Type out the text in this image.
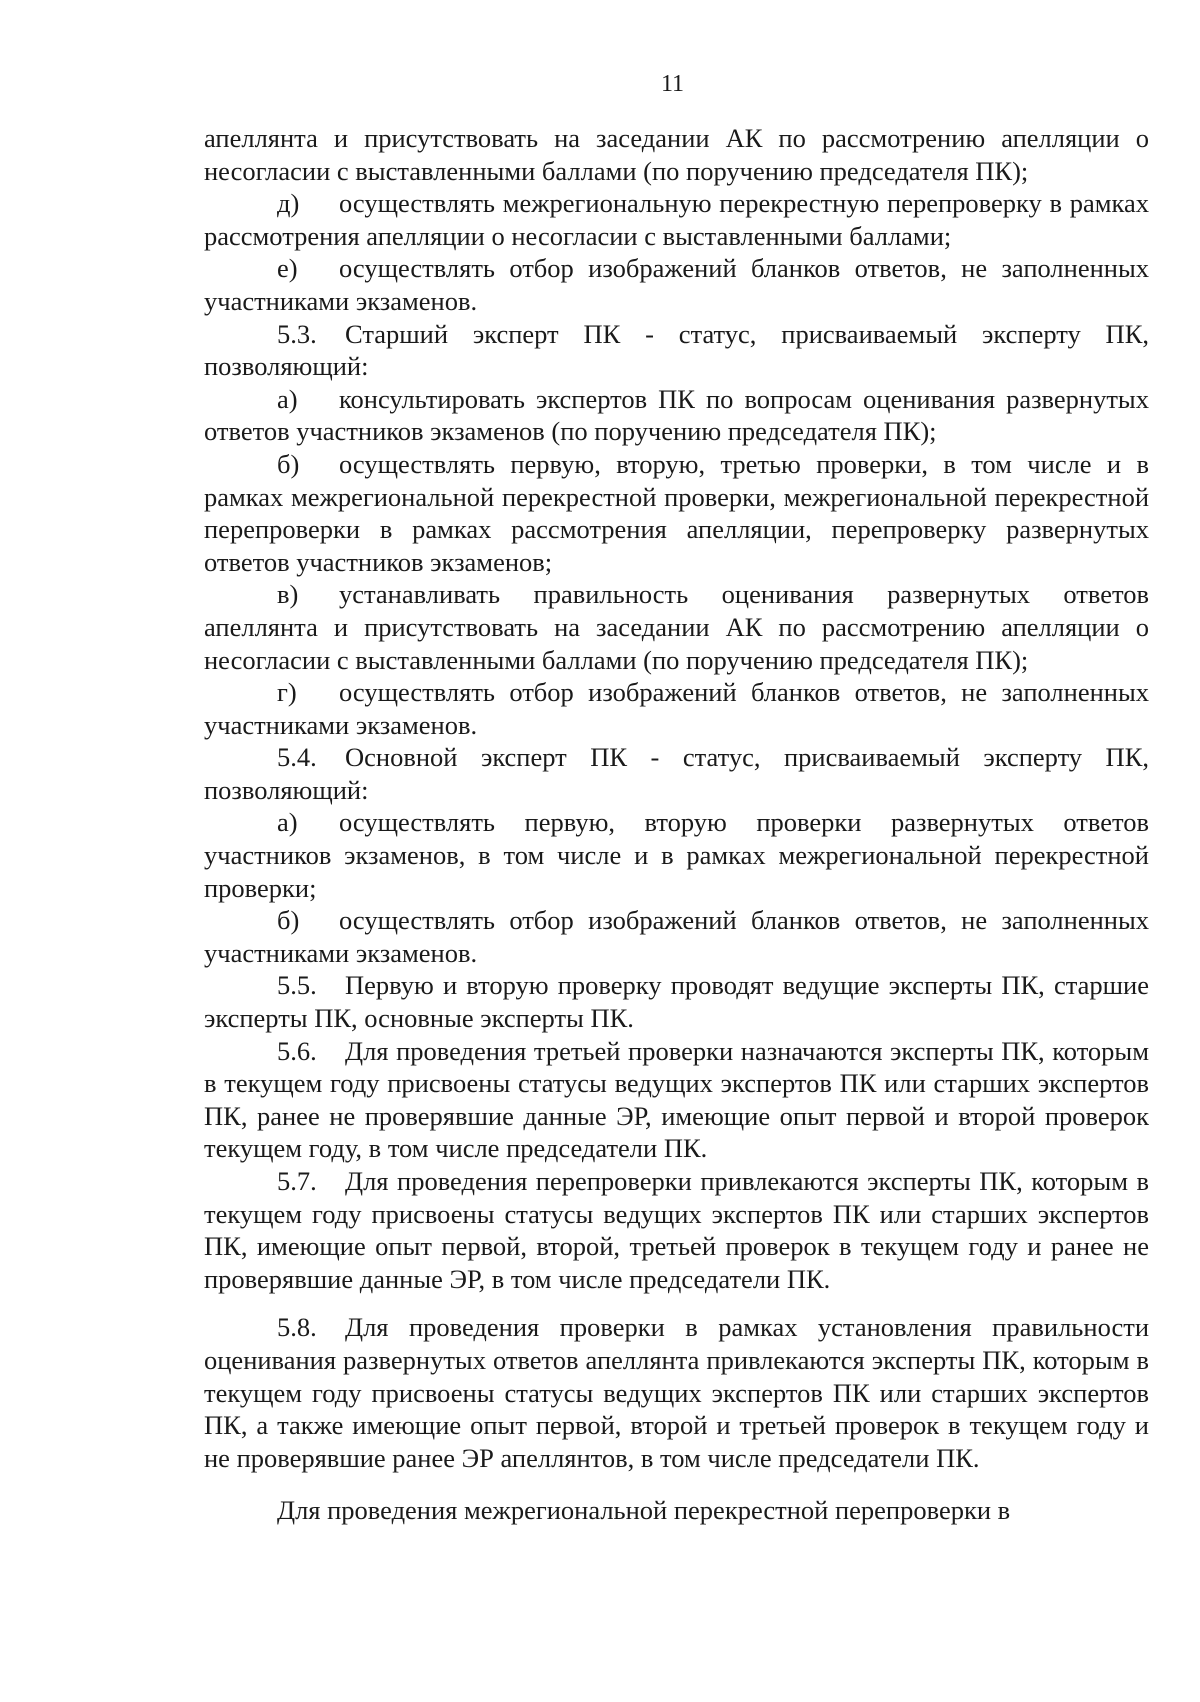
11

апеллянта и присутствовать на заседании АК по рассмотрению апелляции о несогласии с выставленными баллами (по поручению председателя ПК);

д) осуществлять межрегиональную перекрестную перепроверку в рамках рассмотрения апелляции о несогласии с выставленными баллами;

е) осуществлять отбор изображений бланков ответов, не заполненных участниками экзаменов.

5.3. Старший эксперт ПК - статус, присваиваемый эксперту ПК, позволяющий:

а) консультировать экспертов ПК по вопросам оценивания развернутых ответов участников экзаменов (по поручению председателя ПК);

б) осуществлять первую, вторую, третью проверки, в том числе и в рамках межрегиональной перекрестной проверки, межрегиональной перекрестной перепроверки в рамках рассмотрения апелляции, перепроверку развернутых ответов участников экзаменов;

в) устанавливать правильность оценивания развернутых ответов апеллянта и присутствовать на заседании АК по рассмотрению апелляции о несогласии с выставленными баллами (по поручению председателя ПК);

г) осуществлять отбор изображений бланков ответов, не заполненных участниками экзаменов.

5.4. Основной эксперт ПК - статус, присваиваемый эксперту ПК, позволяющий:

а) осуществлять первую, вторую проверки развернутых ответов участников экзаменов, в том числе и в рамках межрегиональной перекрестной проверки;

б) осуществлять отбор изображений бланков ответов, не заполненных участниками экзаменов.

5.5. Первую и вторую проверку проводят ведущие эксперты ПК, старшие эксперты ПК, основные эксперты ПК.

5.6. Для проведения третьей проверки назначаются эксперты ПК, которым в текущем году присвоены статусы ведущих экспертов ПК или старших экспертов ПК, ранее не проверявшие данные ЭР, имеющие опыт первой и второй проверок текущем году, в том числе председатели ПК.

5.7. Для проведения перепроверки привлекаются эксперты ПК, которым в текущем году присвоены статусы ведущих экспертов ПК или старших экспертов ПК, имеющие опыт первой, второй, третьей проверок в текущем году и ранее не проверявшие данные ЭР, в том числе председатели ПК.

5.8. Для проведения проверки в рамках установления правильности оценивания развернутых ответов апеллянта привлекаются эксперты ПК, которым в текущем году присвоены статусы ведущих экспертов ПК или старших экспертов ПК, а также имеющие опыт первой, второй и третьей проверок в текущем году и не проверявшие ранее ЭР апеллянтов, в том числе председатели ПК.

Для проведения межрегиональной перекрестной перепроверки в
